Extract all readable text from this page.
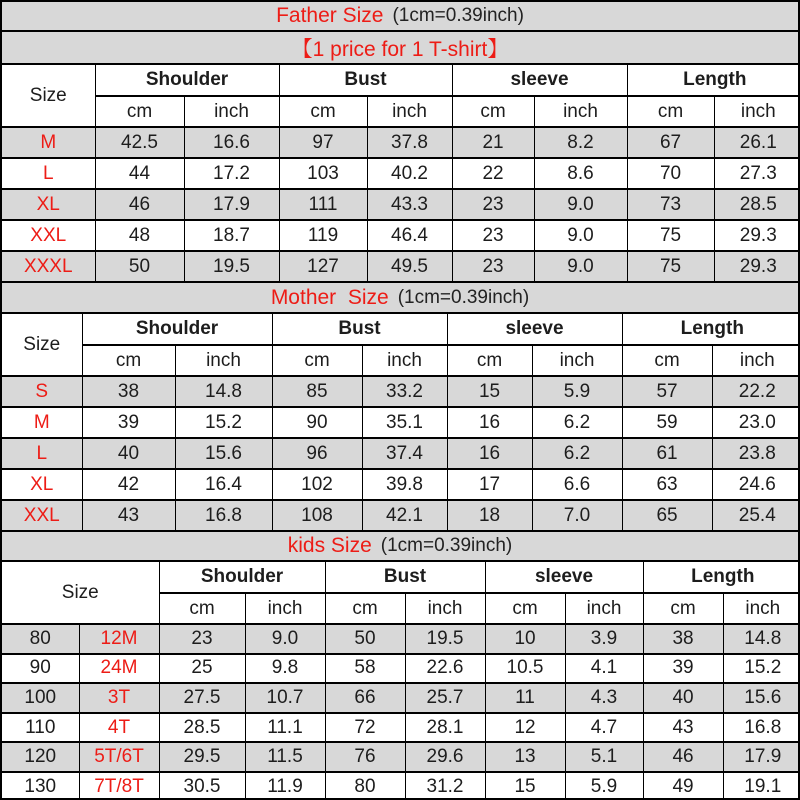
Father Size (1cm=0.39inch)
【1 price for 1 T-shirt】
Size	Shoulder		Bust		sleeve		Length	
	cm	inch	cm	inch	cm	inch	cm	inch
M	42.5	16.6	97	37.8	21	8.2	67	26.1
L	44	17.2	103	40.2	22	8.6	70	27.3
XL	46	17.9	111	43.3	23	9.0	73	28.5
XXL	48	18.7	119	46.4	23	9.0	75	29.3
XXXL	50	19.5	127	49.5	23	9.0	75	29.3
Mother  Size (1cm=0.39inch)
Size	Shoulder		Bust		sleeve		Length	
	cm	inch	cm	inch	cm	inch	cm	inch
S	38	14.8	85	33.2	15	5.9	57	22.2
M	39	15.2	90	35.1	16	6.2	59	23.0
L	40	15.6	96	37.4	16	6.2	61	23.8
XL	42	16.4	102	39.8	17	6.6	63	24.6
XXL	43	16.8	108	42.1	18	7.0	65	25.4
kids Size (1cm=0.39inch)
Size		Shoulder		Bust		sleeve		Length	
		cm	inch	cm	inch	cm	inch	cm	inch
80	12M	23	9.0	50	19.5	10	3.9	38	14.8
90	24M	25	9.8	58	22.6	10.5	4.1	39	15.2
100	3T	27.5	10.7	66	25.7	11	4.3	40	15.6
110	4T	28.5	11.1	72	28.1	12	4.7	43	16.8
120	5T/6T	29.5	11.5	76	29.6	13	5.1	46	17.9
130	7T/8T	30.5	11.9	80	31.2	15	5.9	49	19.1
